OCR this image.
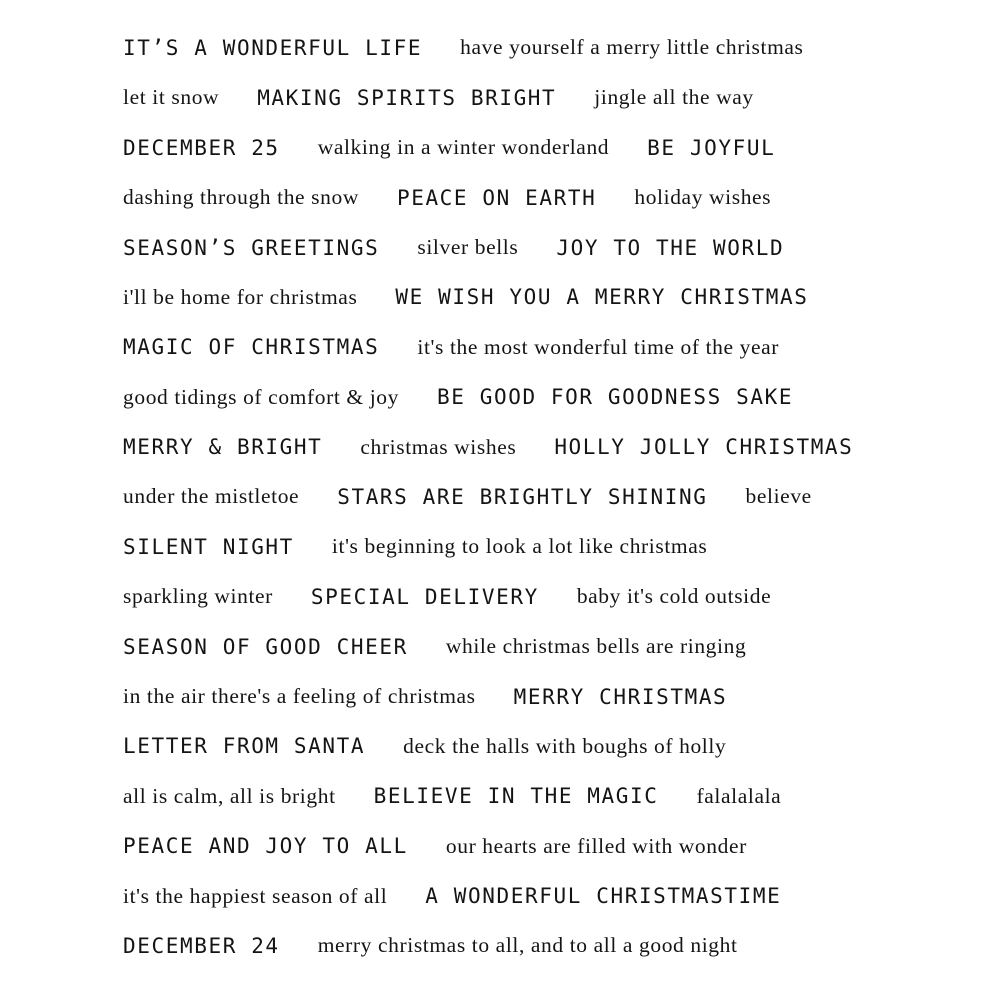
IT’S A WONDERFUL LIFE have yourself a merry little christmas
let it snow MAKING SPIRITS BRIGHT jingle all the way
DECEMBER 25 walking in a winter wonderland BE JOYFUL
dashing through the snow PEACE ON EARTH holiday wishes
SEASON’S GREETINGS silver bells JOY TO THE WORLD
i'll be home for christmas WE WISH YOU A MERRY CHRISTMAS
MAGIC OF CHRISTMAS it's the most wonderful time of the year
good tidings of comfort & joy BE GOOD FOR GOODNESS SAKE
MERRY & BRIGHT christmas wishes HOLLY JOLLY CHRISTMAS
under the mistletoe STARS ARE BRIGHTLY SHINING believe
SILENT NIGHT it's beginning to look a lot like christmas
sparkling winter SPECIAL DELIVERY baby it's cold outside
SEASON OF GOOD CHEER while christmas bells are ringing
in the air there's a feeling of christmas MERRY CHRISTMAS
LETTER FROM SANTA deck the halls with boughs of holly
all is calm, all is bright BELIEVE IN THE MAGIC falalalala
PEACE AND JOY TO ALL our hearts are filled with wonder
it's the happiest season of all A WONDERFUL CHRISTMASTIME
DECEMBER 24 merry christmas to all, and to all a good night
